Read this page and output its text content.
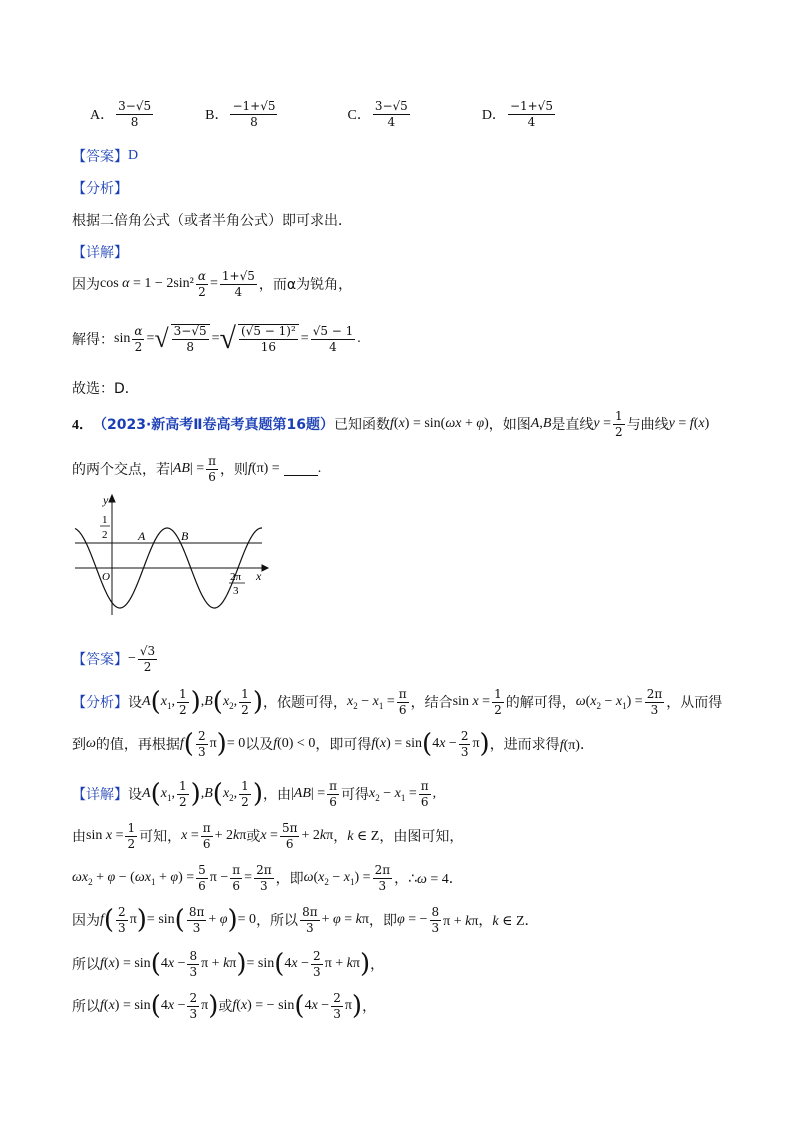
A． $\frac{3-√5}{8}$	B． $\frac{-1+√5}{8}$	C． $\frac{3-√5}{4}$	D． $\frac{-1+√5}{4}$
【答案】 D
【分析】
根据二倍角公式（或者半角公式）即可求出．
【详解】
因为 $\cos \alpha = 1 - 2\sin^2 \frac{\alpha}{2} = \frac{1+√5}{4}$ ，而α为锐角，
解得： $\sin \frac{\alpha}{2}$ = √ $\frac{3-√5}{8}$ = √ $\frac{\text{(√5 − 1)²}}{16} = \frac{√5 - 1}{4}$ .
故选：D．
4． （2023·新高考Ⅱ卷高考真题第16题） 已知函数 f(x) = sin(ωx + φ) ，如图 A , B 是直线 $y = \frac{1}{2}$ 与曲线 y = f(x)
的两个交点，若 $|AB| = \frac{\pi}{6}$ ，则 f(π) =	.
y
x
O
1
2	A	B
2π
3
【答案】 − $\frac{√3}{2}$
【分析】 设 A ( $x_1$, $\frac{1}{2}$ ) , B ( $x_2$, $\frac{1}{2}$ ) ，依题可得， $x_2 - x_1 = \frac{\pi}{6}$ ，结合 $\sin x = \frac{1}{2}$ 的解可得， $\omega(x_2 - x_1) = \frac{2\pi}{3}$ ，从而得
到 ω 的值，再根据 f ( $\frac{2}{3}$ π ) = 0 以及 f(0) < 0 ，即可得 f(x) = sin ( $4x - \frac{2}{3}$ π ) ，进而求得 f(π)．
【详解】 设 A ( $x_1$, $\frac{1}{2}$ ) , B ( $x_2$, $\frac{1}{2}$ ) ，由 $|AB| = \frac{\pi}{6}$ 可得 $x_2 - x_1 = \frac{\pi}{6}$ ,
由 $\sin x = \frac{1}{2}$ 可知， $x = \frac{\pi}{6} + 2k\pi$ 或 $x = \frac{5\pi}{6} + 2k\pi$ ， k ∈ Z ，由图可知，
$\omega x_2 + \varphi - (\omega x_1 + \varphi) = \frac{5}{6}$ $\pi - \frac{\pi}{6} = \frac{2\pi}{3}$ ，即 $\omega(x_2 - x_1) = \frac{2\pi}{3}$ ，∴ ω = 4．
因为 f ( $\frac{2}{3}$ π ) = sin ( $\frac{8\pi}{3} + \varphi$ ) = 0 ，所以 $\frac{8\pi}{3} + \varphi = k\pi$ ，即 φ = − $\frac{8}{3}$ π + kπ，k ∈ Z．
所以 f(x) = sin ( $4x - \frac{8}{3}$ π + kπ ) = sin ( $4x - \frac{2}{3}$ π + kπ ) ，
所以 f(x) = sin ( $4x - \frac{2}{3}$ π ) 或 f(x) = − sin ( $4x - \frac{2}{3}$ π ) ，
